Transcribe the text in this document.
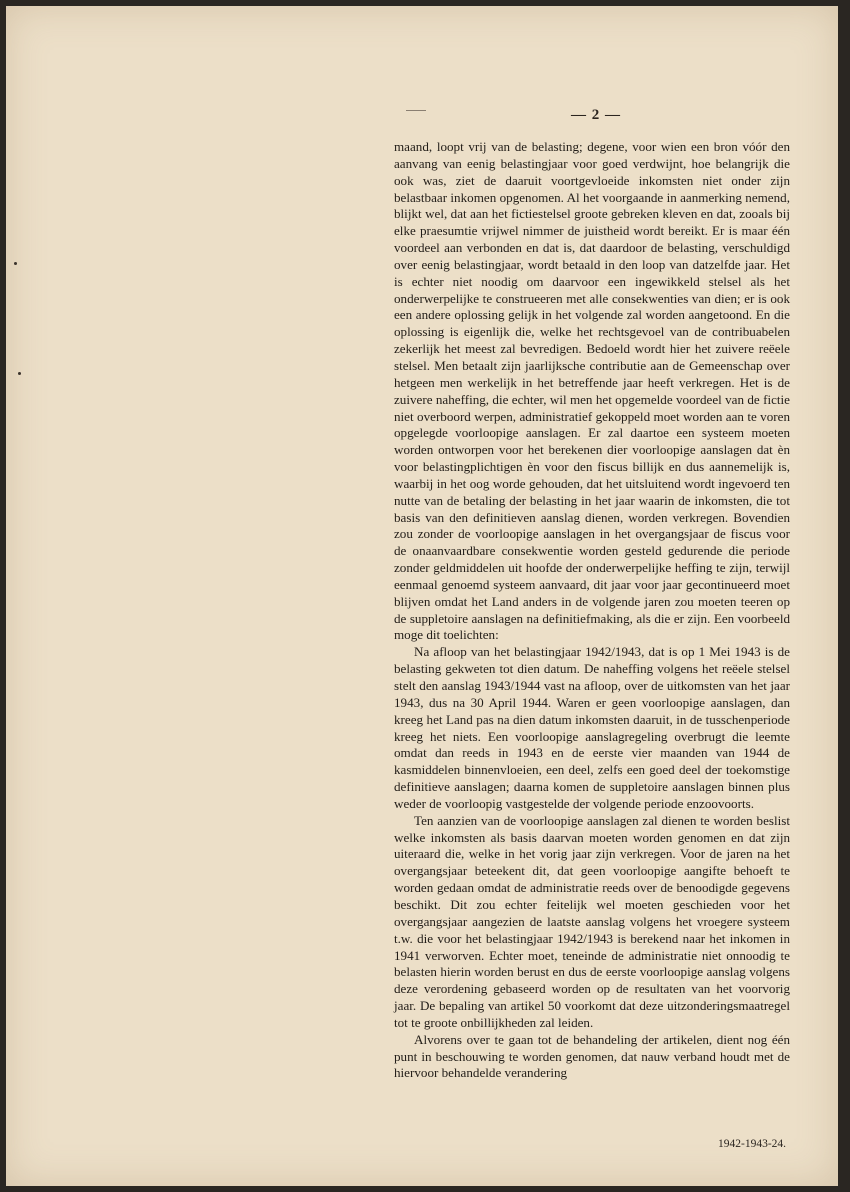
— 2 —

maand, loopt vrij van de belasting; degene, voor wien een bron vóór den aanvang van eenig belastingjaar voor goed verdwijnt, hoe belangrijk die ook was, ziet de daaruit voortgevloeide inkomsten niet onder zijn belastbaar inkomen opgenomen. Al het voorgaande in aanmerking nemend, blijkt wel, dat aan het fictiestelsel groote gebreken kleven en dat, zooals bij elke praesumtie vrijwel nimmer de juistheid wordt bereikt. Er is maar één voordeel aan verbonden en dat is, dat daardoor de belasting, verschuldigd over eenig belastingjaar, wordt betaald in den loop van datzelfde jaar. Het is echter niet noodig om daarvoor een ingewikkeld stelsel als het onderwerpelijke te construeeren met alle consekwenties van dien; er is ook een andere oplossing gelijk in het volgende zal worden aangetoond. En die oplossing is eigenlijk die, welke het rechtsgevoel van de contribuabelen zekerlijk het meest zal bevredigen. Bedoeld wordt hier het zuivere reëele stelsel. Men betaalt zijn jaarlijksche contributie aan de Gemeenschap over hetgeen men werkelijk in het betreffende jaar heeft verkregen. Het is de zuivere naheffing, die echter, wil men het opgemelde voordeel van de fictie niet overboord werpen, administratief gekoppeld moet worden aan te voren opgelegde voorloopige aanslagen. Er zal daartoe een systeem moeten worden ontworpen voor het berekenen dier voorloopige aanslagen dat èn voor belastingplichtigen èn voor den fiscus billijk en dus aannemelijk is, waarbij in het oog worde gehouden, dat het uitsluitend wordt ingevoerd ten nutte van de betaling der belasting in het jaar waarin de inkomsten, die tot basis van den definitieven aanslag dienen, worden verkregen. Bovendien zou zonder de voorloopige aanslagen in het overgangsjaar de fiscus voor de onaanvaardbare consekwentie worden gesteld gedurende die periode zonder geldmiddelen uit hoofde der onderwerpelijke heffing te zijn, terwijl eenmaal genoemd systeem aanvaard, dit jaar voor jaar gecontinueerd moet blijven omdat het Land anders in de volgende jaren zou moeten teeren op de suppletoire aanslagen na definitiefmaking, als die er zijn. Een voorbeeld moge dit toelichten:

Na afloop van het belastingjaar 1942/1943, dat is op 1 Mei 1943 is de belasting gekweten tot dien datum. De naheffing volgens het reëele stelsel stelt den aanslag 1943/1944 vast na afloop, over de uitkomsten van het jaar 1943, dus na 30 April 1944. Waren er geen voorloopige aanslagen, dan kreeg het Land pas na dien datum inkomsten daaruit, in de tusschenperiode kreeg het niets. Een voorloopige aanslagregeling overbrugt die leemte omdat dan reeds in 1943 en de eerste vier maanden van 1944 de kasmiddelen binnenvloeien, een deel, zelfs een goed deel der toekomstige definitieve aanslagen; daarna komen de suppletoire aanslagen binnen plus weder de voorloopig vastgestelde der volgende periode enzoovoorts.

Ten aanzien van de voorloopige aanslagen zal dienen te worden beslist welke inkomsten als basis daarvan moeten worden genomen en dat zijn uiteraard die, welke in het vorig jaar zijn verkregen. Voor de jaren na het overgangsjaar beteekent dit, dat geen voorloopige aangifte behoeft te worden gedaan omdat de administratie reeds over de benoodigde gegevens beschikt. Dit zou echter feitelijk wel moeten geschieden voor het overgangsjaar aangezien de laatste aanslag volgens het vroegere systeem t.w. die voor het belastingjaar 1942/1943 is berekend naar het inkomen in 1941 verworven. Echter moet, teneinde de administratie niet onnoodig te belasten hierin worden berust en dus de eerste voorloopige aanslag volgens deze verordening gebaseerd worden op de resultaten van het voorvorig jaar. De bepaling van artikel 50 voorkomt dat deze uitzonderingsmaatregel tot te groote onbillijkheden zal leiden.

Alvorens over te gaan tot de behandeling der artikelen, dient nog één punt in beschouwing te worden genomen, dat nauw verband houdt met de hiervoor behandelde verandering

1942-1943-24.
